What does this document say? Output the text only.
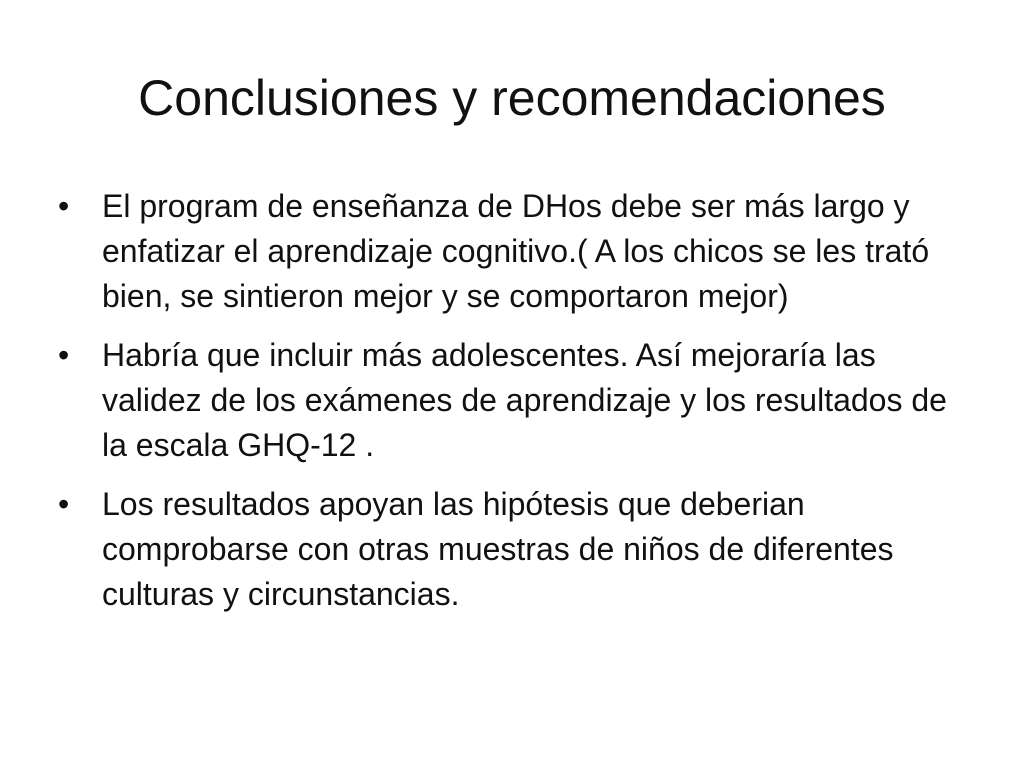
Conclusiones y recomendaciones
•	El program de enseñanza de DHos debe ser más largo y enfatizar el aprendizaje cognitivo.( A los chicos se les trató bien, se sintieron mejor y se comportaron mejor)
•	Habría que incluir más adolescentes. Así mejoraría las validez de los exámenes de aprendizaje y los resultados de la escala GHQ-12 .
•	Los resultados apoyan las hipótesis que deberian comprobarse con otras muestras de niños de diferentes culturas y circunstancias.
